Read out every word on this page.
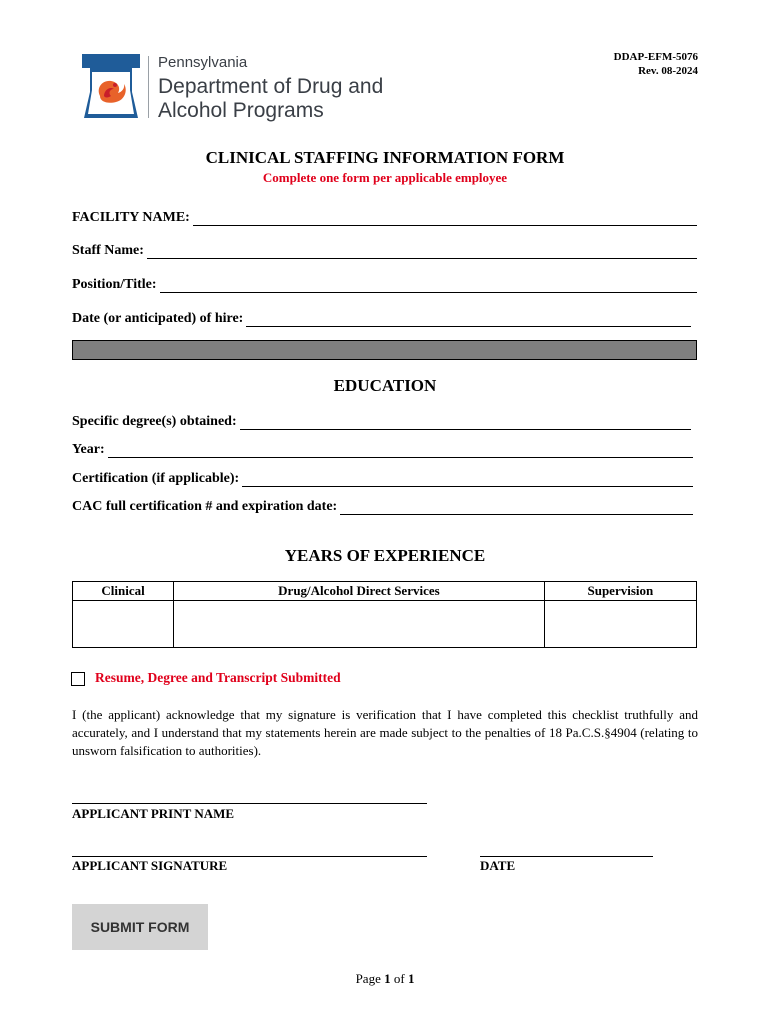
Pennsylvania
Department of Drug and
Alcohol Programs
DDAP-EFM-5076
Rev. 08-2024
CLINICAL STAFFING INFORMATION FORM
Complete one form per applicable employee
FACILITY NAME:
Staff Name:
Position/Title:
Date (or anticipated) of hire:
EDUCATION
Specific degree(s) obtained:
Year:
Certification (if applicable):
CAC full certification # and expiration date:
YEARS OF EXPERIENCE
Clinical	Drug/Alcohol Direct Services	Supervision

Resume, Degree and Transcript Submitted
I (the applicant) acknowledge that my signature is verification that I have completed this checklist truthfully and accurately, and I understand that my statements herein are made subject to the penalties of 18 Pa.C.S.§4904 (relating to unsworn falsification to authorities).
APPLICANT PRINT NAME
APPLICANT SIGNATURE	DATE
SUBMIT FORM
Page 1 of 1
